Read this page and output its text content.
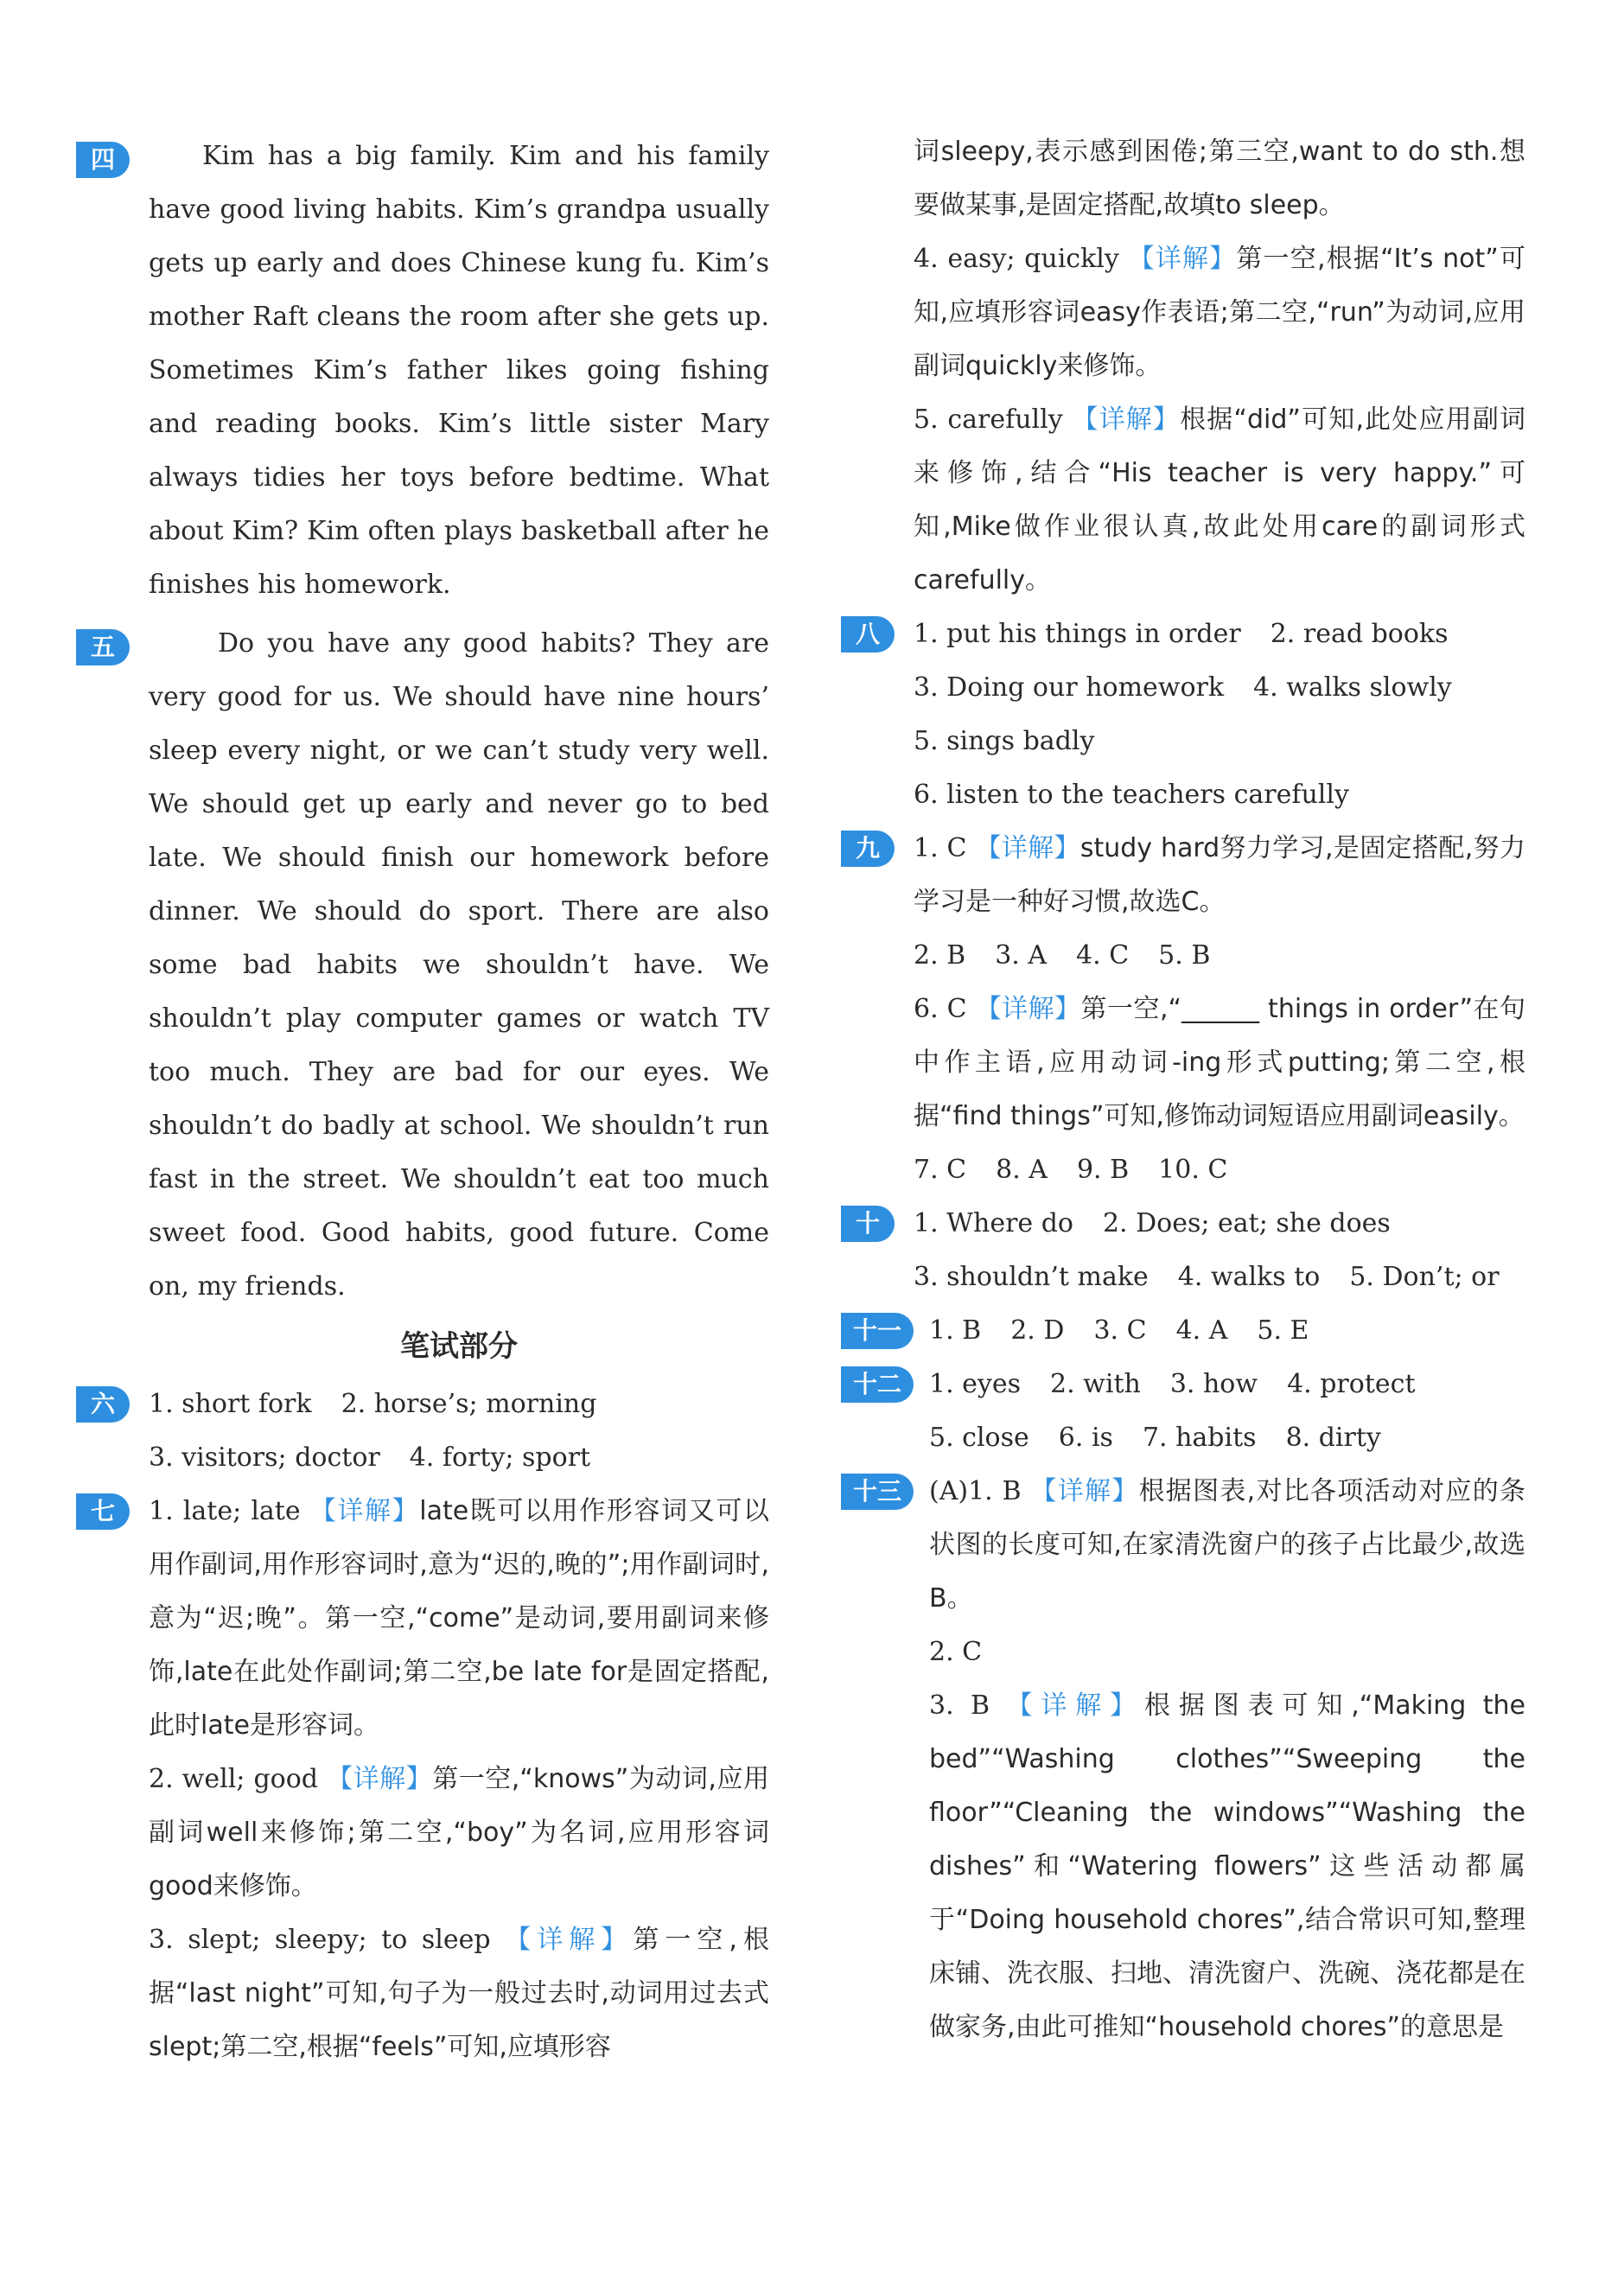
四	Kim has a big family. Kim and his family have good living habits. Kim’s grandpa usually gets up early and does Chinese kung fu. Kim’s mother Raft cleans the room after she gets up. Sometimes Kim’s father likes going fishing and reading books. Kim’s little sister Mary always tidies her toys before bedtime. What about Kim? Kim often plays basketball after he finishes his homework.

五	Do you have any good habits? They are very good for us. We should have nine hours’ sleep every night, or we can’t study very well. We should get up early and never go to bed late. We should finish our homework before dinner. We should do sport. There are also some bad habits we shouldn’t have. We shouldn’t play computer games or watch TV too much. They are bad for our eyes. We shouldn’t do badly at school. We shouldn’t run fast in the street. We shouldn’t eat too much sweet food. Good habits, good future. Come on, my friends.

笔试部分
六	1. short fork 2. horse’s; morning
3. visitors; doctor 4. forty; sport
七	1. late; late 【详解】late既可以用作形容词又可以用作副词,用作形容词时,意为“迟的,晚的”;用作副词时,意为“迟;晚”。第一空,“come”是动词,要用副词来修饰,late在此处作副词;第二空,be late for是固定搭配,此时late是形容词。

2. well; good 【详解】第一空,“knows”为动词,应用副词well来修饰;第二空,“boy”为名词,应用形容词good来修饰。

3. slept; sleepy; to sleep 【详解】第一空,根据“last night”可知,句子为一般过去时,动词用过去式slept;第二空,根据“feels”可知,应填形容

词sleepy,表示感到困倦;第三空,want to do sth.想要做某事,是固定搭配,故填to sleep。

4. easy; quickly 【详解】第一空,根据“It’s not”可知,应填形容词easy作表语;第二空,“run”为动词,应用副词quickly来修饰。

5. carefully 【详解】根据“did”可知,此处应用副词来修饰,结合“His teacher is very happy.”可知,Mike做作业很认真,故此处用care的副词形式carefully。

八	1. put his things in order 2. read books
3. Doing our homework 4. walks slowly
5. sings badly
6. listen to the teachers carefully
九	1. C 【详解】study hard努力学习,是固定搭配,努力学习是一种好习惯,故选C。

2. B 3. A 4. C 5. B

6. C 【详解】第一空,“______ things in order”在句中作主语,应用动词-ing形式putting;第二空,根据“find things”可知,修饰动词短语应用副词easily。

7. C 8. A 9. B 10. C
十	1. Where do 2. Does; eat; she does
3. shouldn’t make 4. walks to 5. Don’t; or
十一	1. B 2. D 3. C 4. A 5. E
十二	1. eyes 2. with 3. how 4. protect
5. close 6. is 7. habits 8. dirty
十三	(A)1. B 【详解】根据图表,对比各项活动对应的条状图的长度可知,在家清洗窗户的孩子占比最少,故选B。

2. C

3. B 【详解】根据图表可知,“Making the bed”“Washing clothes”“Sweeping the floor”“Cleaning the windows”“Washing the dishes”和“Watering flowers”这些活动都属于“Doing household chores”,结合常识可知,整理床铺、洗衣服、扫地、清洗窗户、洗碗、浇花都是在做家务,由此可推知“household chores”的意思是
